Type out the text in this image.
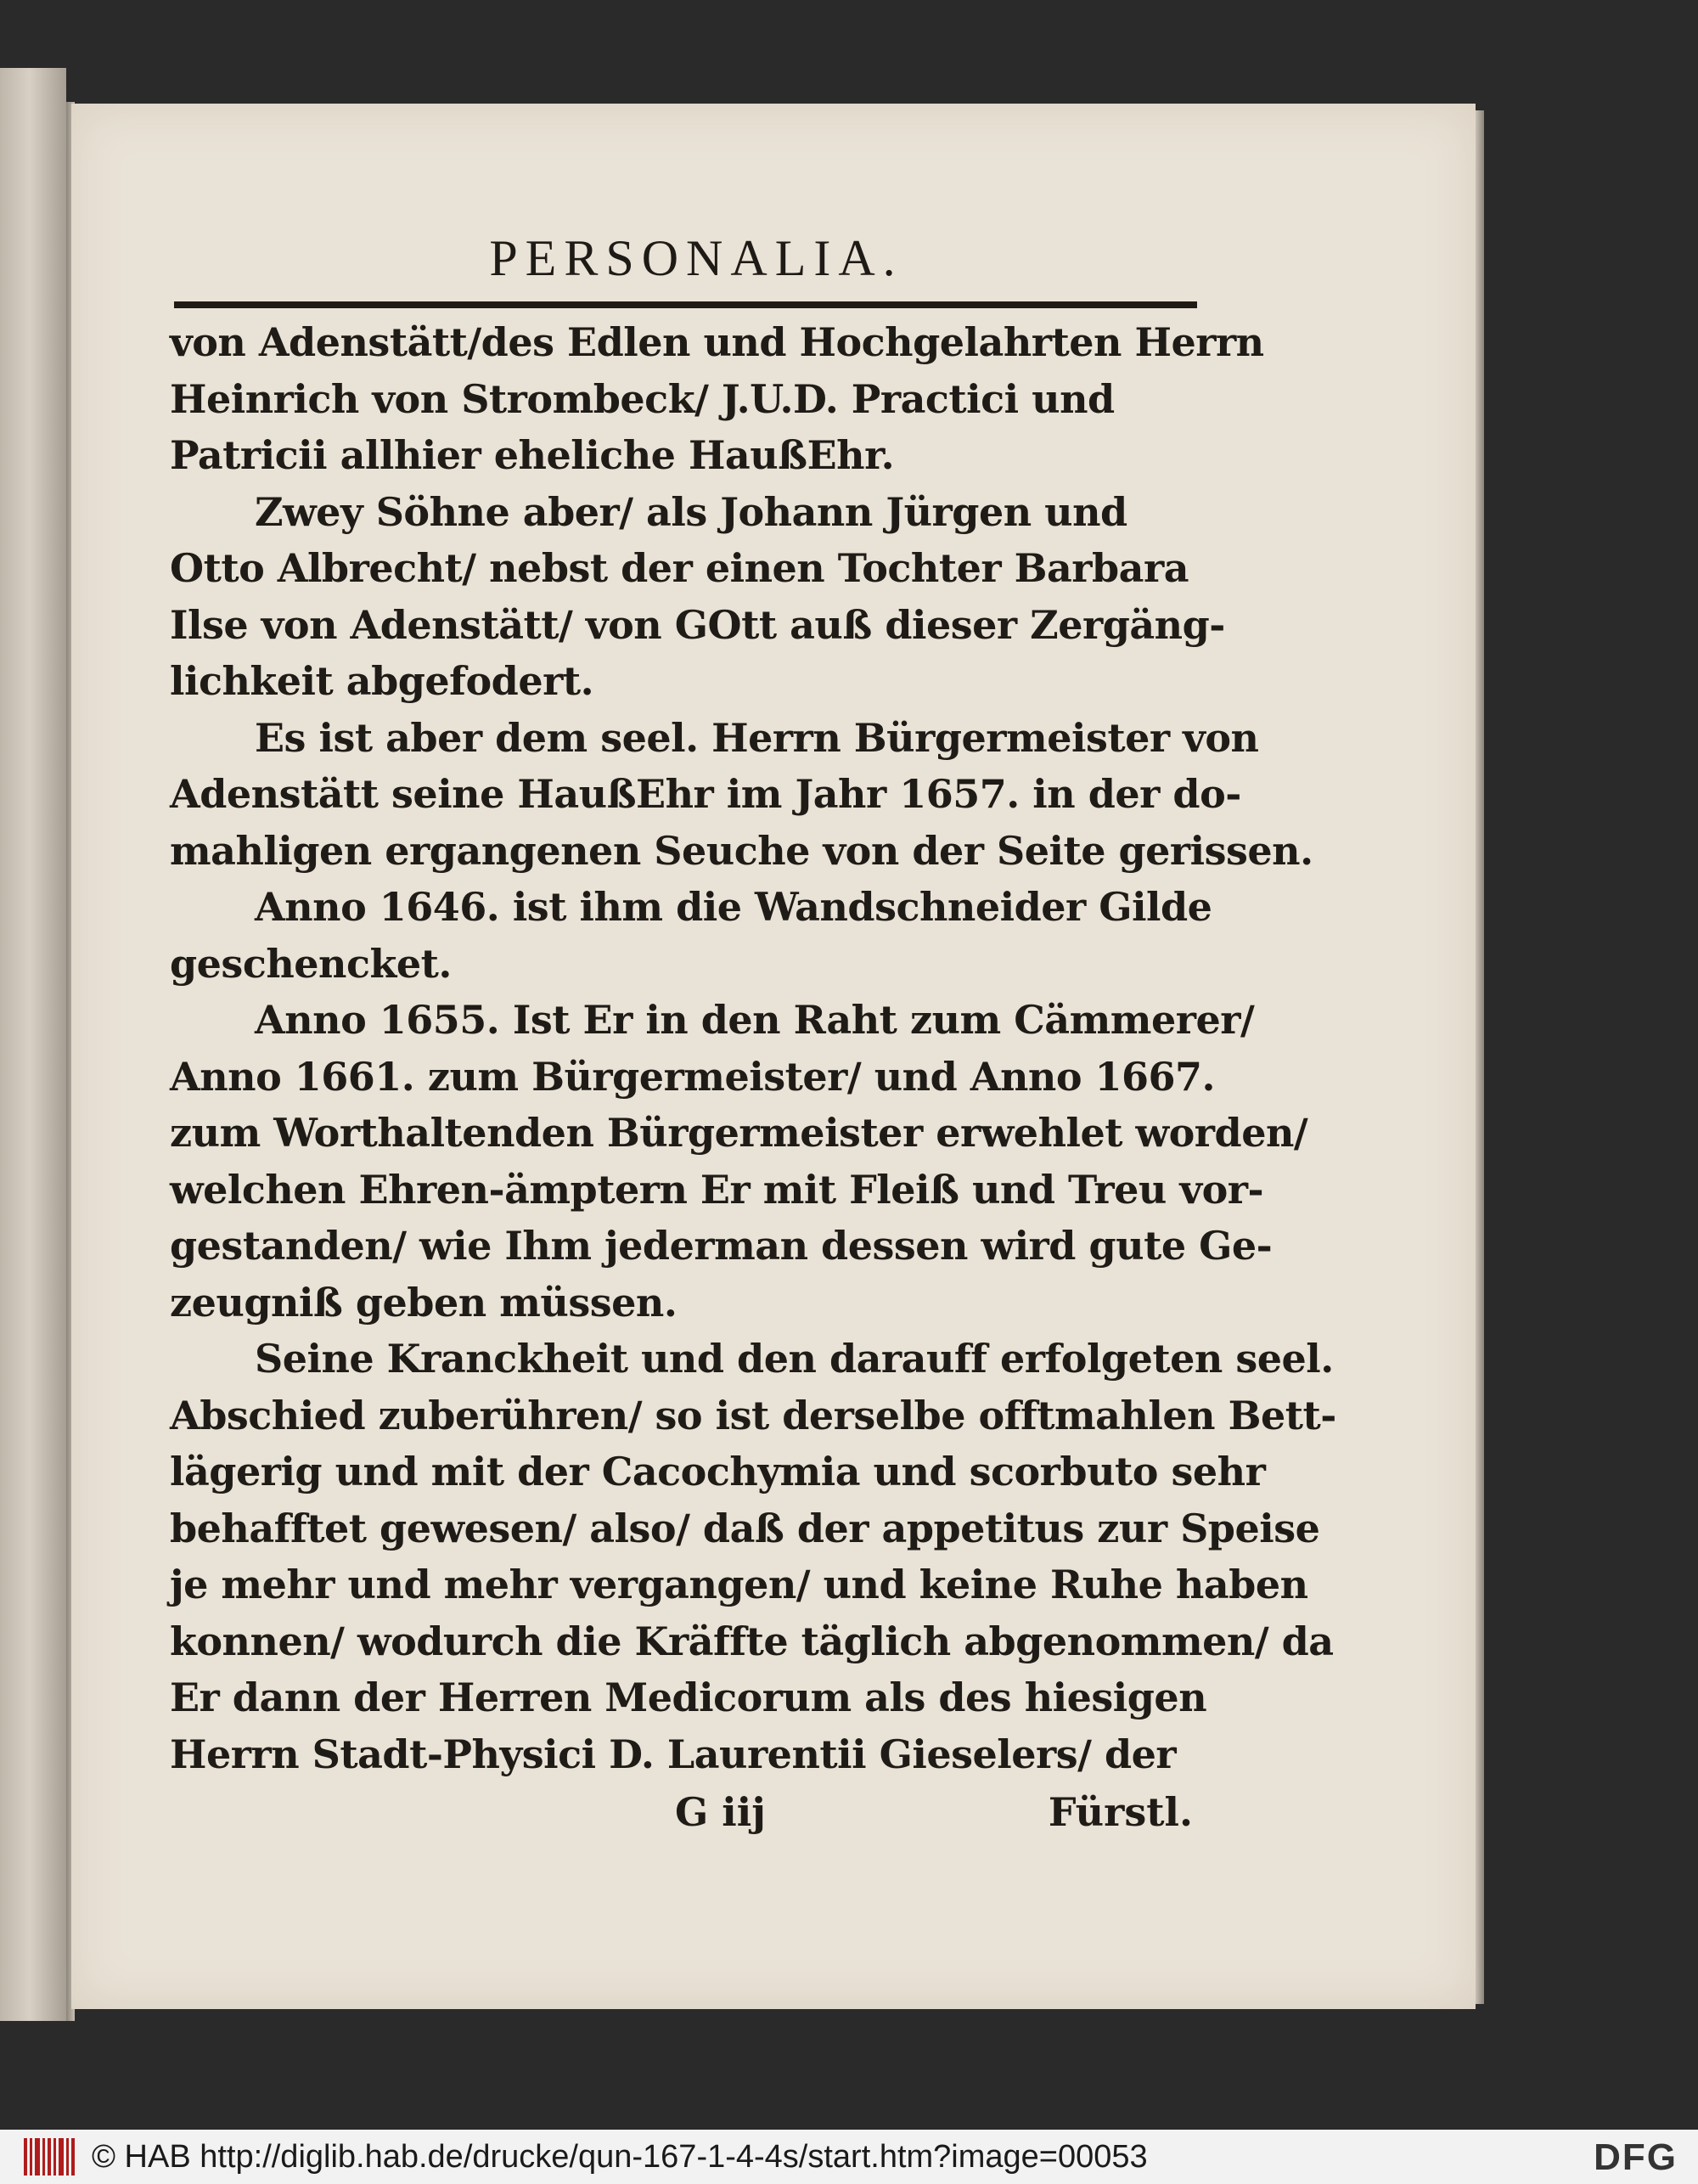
PERSONALIA.
von Adenstätt/des Edlen und Hochgelahrten Herrn
Heinrich von Strombeck/ J.U.D. Practici und
Patricii allhier eheliche HaußEhr.
Zwey Söhne aber/ als Johann Jürgen und
Otto Albrecht/ nebst der einen Tochter Barbara
Ilse von Adenstätt/ von GOtt auß dieser Zergäng-
lichkeit abgefodert.
Es ist aber dem seel. Herrn Bürgermeister von
Adenstätt seine HaußEhr im Jahr 1657. in der do-
mahligen ergangenen Seuche von der Seite gerissen.
Anno 1646. ist ihm die Wandschneider Gilde
geschencket.
Anno 1655. Ist Er in den Raht zum Cämmerer/
Anno 1661. zum Bürgermeister/ und Anno 1667.
zum Worthaltenden Bürgermeister erwehlet worden/
welchen Ehren-ämptern Er mit Fleiß und Treu vor-
gestanden/ wie Ihm jederman dessen wird gute Ge-
zeugniß geben müssen.
Seine Kranckheit und den darauff erfolgeten seel.
Abschied zuberühren/ so ist derselbe offtmahlen Bett-
lägerig und mit der Cacochymia und scorbuto sehr
behafftet gewesen/ also/ daß der appetitus zur Speise
je mehr und mehr vergangen/ und keine Ruhe haben
konnen/ wodurch die Kräffte täglich abgenommen/ da
Er dann der Herren Medicorum als des hiesigen
Herrn Stadt-Physici D. Laurentii Gieselers/ der
G iij	Fürstl.
© HAB http://diglib.hab.de/drucke/qun-167-1-4-4s/start.htm?image=00053	DFG
